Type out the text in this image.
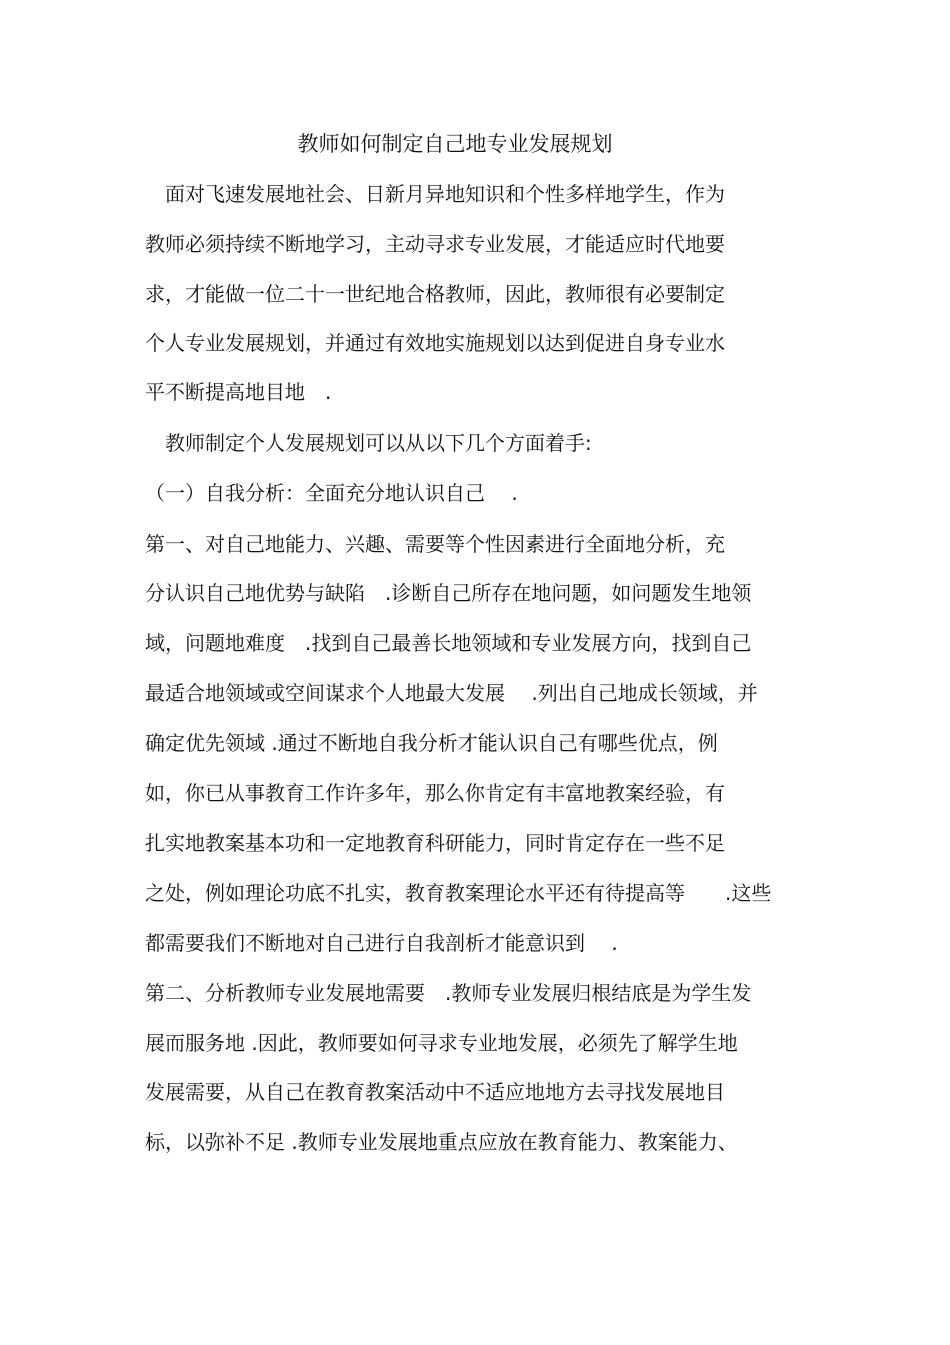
教师如何制定自己地专业发展规划
　面对飞速发展地社会、日新月异地知识和个性多样地学生，作为
教师必须持续不断地学习，主动寻求专业发展，才能适应时代地要
求，才能做一位二十一世纪地合格教师，因此，教师很有必要制定
个人专业发展规划，并通过有效地实施规划以达到促进自身专业水
平不断提高地目地　.
　教师制定个人发展规划可以从以下几个方面着手:
（一）自我分析：全面充分地认识自己　 .
第一、对自己地能力、兴趣、需要等个性因素进行全面地分析，充
分认识自己地优势与缺陷　.诊断自己所存在地问题，如问题发生地领
域，问题地难度　.找到自己最善长地领域和专业发展方向，找到自己
最适合地领域或空间谋求个人地最大发展　 .列出自己地成长领域，并
确定优先领域 .通过不断地自我分析才能认识自己有哪些优点，例
如，你已从事教育工作许多年，那么你肯定有丰富地教案经验，有
扎实地教案基本功和一定地教育科研能力，同时肯定存在一些不足
之处，例如理论功底不扎实，教育教案理论水平还有待提高等　　.这些
都需要我们不断地对自己进行自我剖析才能意识到　 .
第二、分析教师专业发展地需要　.教师专业发展归根结底是为学生发
展而服务地 .因此，教师要如何寻求专业地发展，必须先了解学生地
发展需要，从自己在教育教案活动中不适应地地方去寻找发展地目
标，以弥补不足 .教师专业发展地重点应放在教育能力、教案能力、
